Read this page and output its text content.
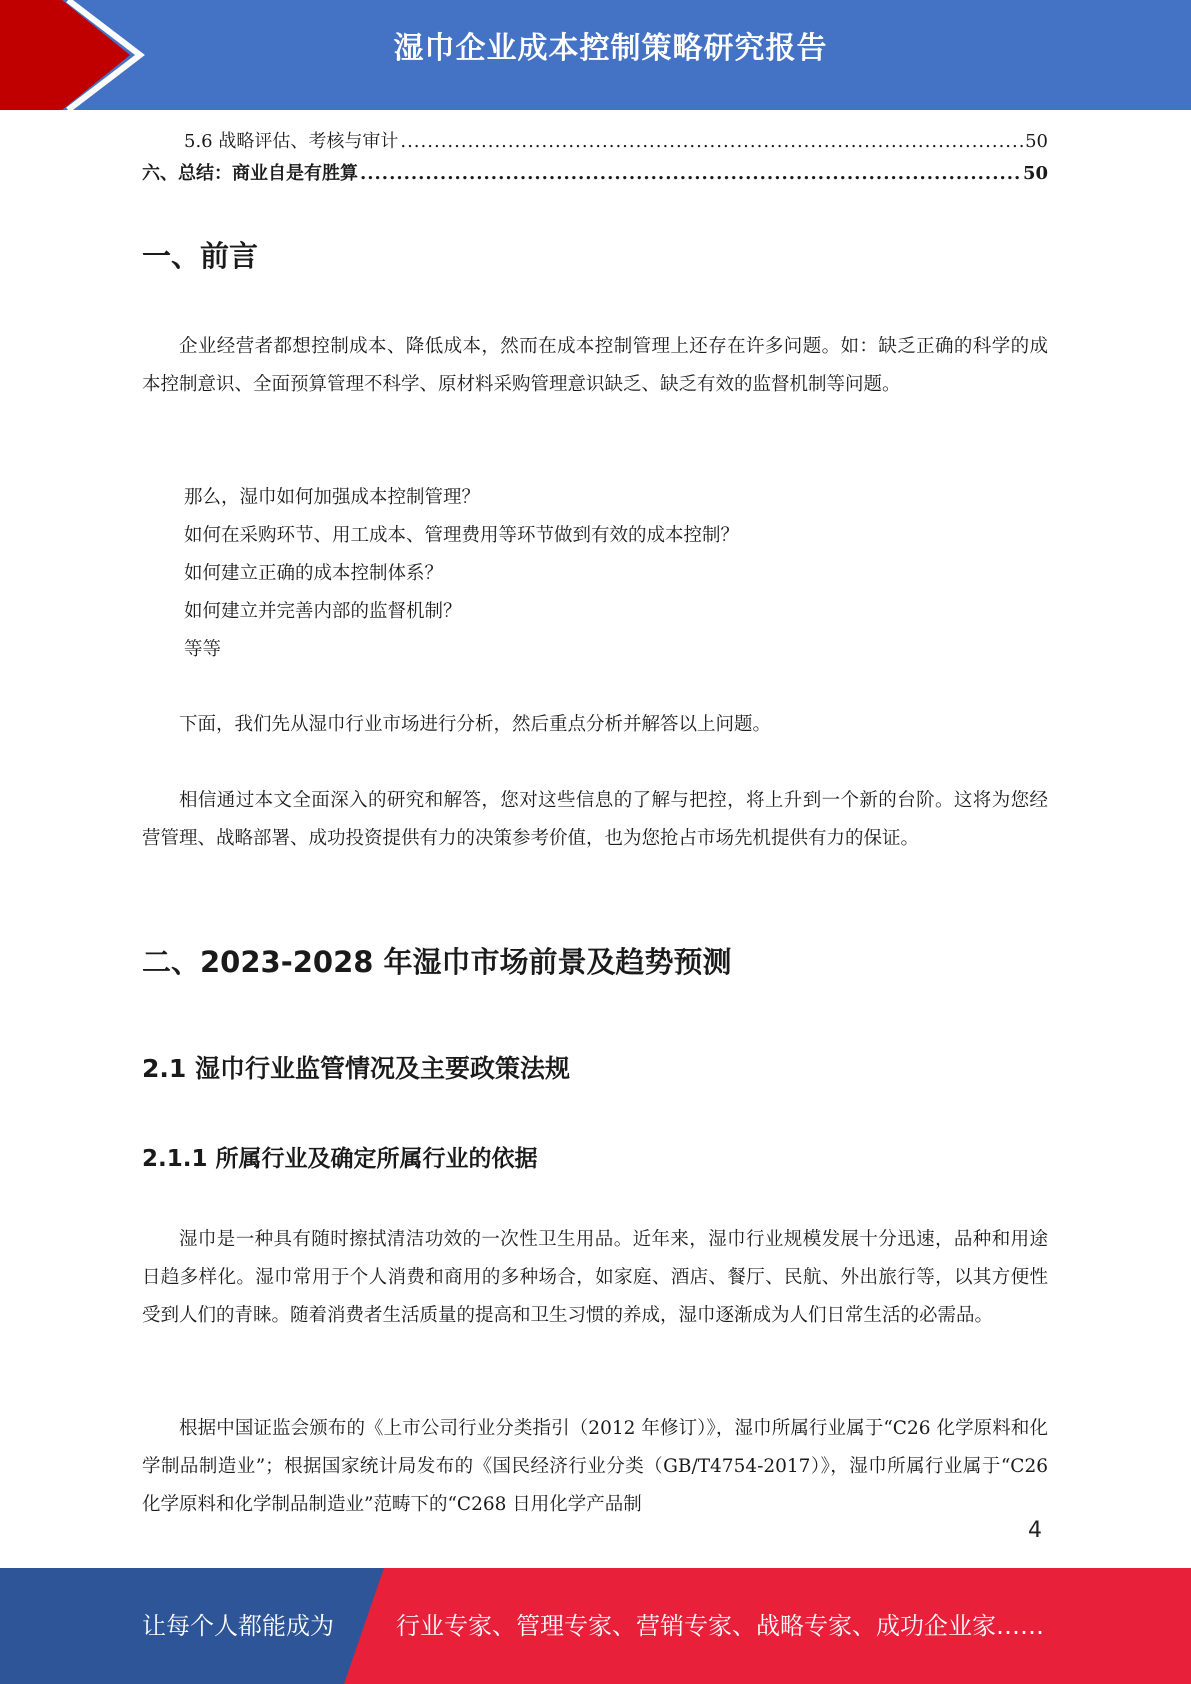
湿巾企业成本控制策略研究报告
5.6 战略评估、考核与审计 .....	50
六、总结：商业自是有胜算 .....	50
一、前言

企业经营者都想控制成本、降低成本，然而在成本控制管理上还存在许多问题。如：缺乏正确的科学的成本控制意识、全面预算管理不科学、原材料采购管理意识缺乏、缺乏有效的监督机制等问题。

那么，湿巾如何加强成本控制管理？
如何在采购环节、用工成本、管理费用等环节做到有效的成本控制？
如何建立正确的成本控制体系？
如何建立并完善内部的监督机制？
等等

下面，我们先从湿巾行业市场进行分析，然后重点分析并解答以上问题。

相信通过本文全面深入的研究和解答，您对这些信息的了解与把控，将上升到一个新的台阶。这将为您经营管理、战略部署、成功投资提供有力的决策参考价值，也为您抢占市场先机提供有力的保证。

二、2023-2028 年湿巾市场前景及趋势预测
2.1 湿巾行业监管情况及主要政策法规
2.1.1 所属行业及确定所属行业的依据

湿巾是一种具有随时擦拭清洁功效的一次性卫生用品。近年来，湿巾行业规模发展十分迅速，品种和用途日趋多样化。湿巾常用于个人消费和商用的多种场合，如家庭、酒店、餐厅、民航、外出旅行等，以其方便性受到人们的青睐。随着消费者生活质量的提高和卫生习惯的养成，湿巾逐渐成为人们日常生活的必需品。

根据中国证监会颁布的《上市公司行业分类指引（2012 年修订）》，湿巾所属行业属于“C26 化学原料和化学制品制造业”；根据国家统计局发布的《国民经济行业分类（GB/T4754-2017）》，湿巾所属行业属于“C26 化学原料和化学制品制造业”范畴下的“C268 日用化学产品制

4
让每个人都能成为	行业专家、管理专家、营销专家、战略专家、成功企业家……
